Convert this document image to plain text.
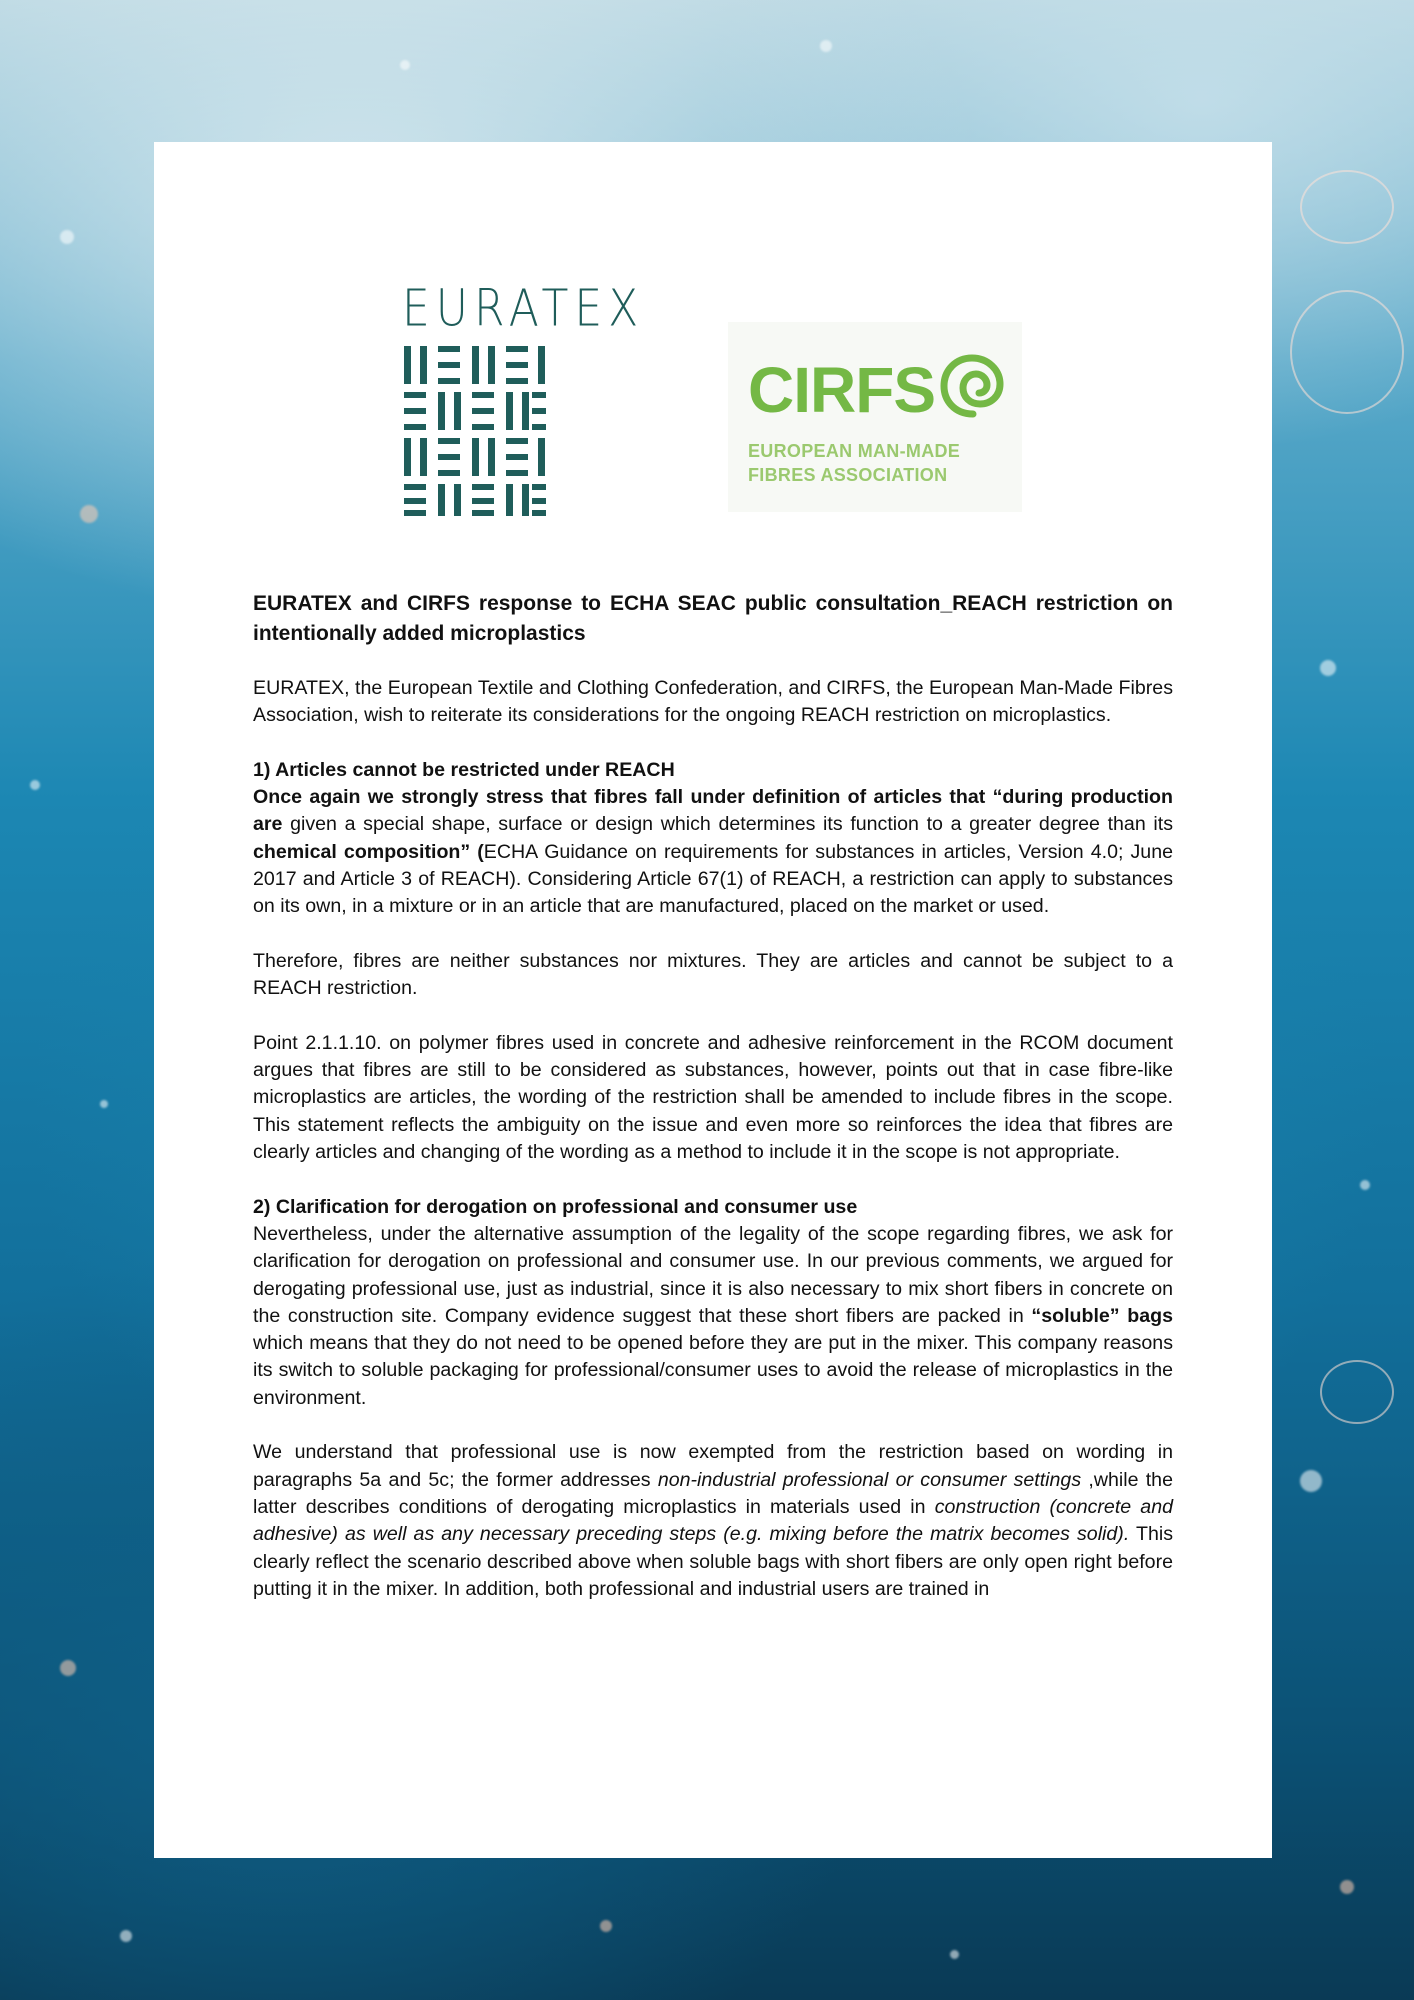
EURATEX
CIRFS
EUROPEAN MAN-MADE
FIBRES ASSOCIATION

EURATEX and CIRFS response to ECHA SEAC public consultation_REACH restriction on intentionally added microplastics

EURATEX, the European Textile and Clothing Confederation, and CIRFS, the European Man-Made Fibres Association, wish to reiterate its considerations for the ongoing REACH restriction on microplastics.

1) Articles cannot be restricted under REACH
Once again we strongly stress that fibres fall under definition of articles that “during production are given a special shape, surface or design which determines its function to a greater degree than its chemical composition” (ECHA Guidance on requirements for substances in articles, Version 4.0; June 2017 and Article 3 of REACH). Considering Article 67(1) of REACH, a restriction can apply to substances on its own, in a mixture or in an article that are manufactured, placed on the market or used.

Therefore, fibres are neither substances nor mixtures. They are articles and cannot be subject to a REACH restriction.

Point 2.1.1.10. on polymer fibres used in concrete and adhesive reinforcement in the RCOM document argues that fibres are still to be considered as substances, however, points out that in case fibre-like microplastics are articles, the wording of the restriction shall be amended to include fibres in the scope. This statement reflects the ambiguity on the issue and even more so reinforces the idea that fibres are clearly articles and changing of the wording as a method to include it in the scope is not appropriate.

2) Clarification for derogation on professional and consumer use
Nevertheless, under the alternative assumption of the legality of the scope regarding fibres, we ask for clarification for derogation on professional and consumer use. In our previous comments, we argued for derogating professional use, just as industrial, since it is also necessary to mix short fibers in concrete on the construction site. Company evidence suggest that these short fibers are packed in “soluble” bags which means that they do not need to be opened before they are put in the mixer. This company reasons its switch to soluble packaging for professional/consumer uses to avoid the release of microplastics in the environment.

We understand that professional use is now exempted from the restriction based on wording in paragraphs 5a and 5c; the former addresses non-industrial professional or consumer settings ,while the latter describes conditions of derogating microplastics in materials used in construction (concrete and adhesive) as well as any necessary preceding steps (e.g. mixing before the matrix becomes solid). This clearly reflect the scenario described above when soluble bags with short fibers are only open right before putting it in the mixer. In addition, both professional and industrial users are trained in
